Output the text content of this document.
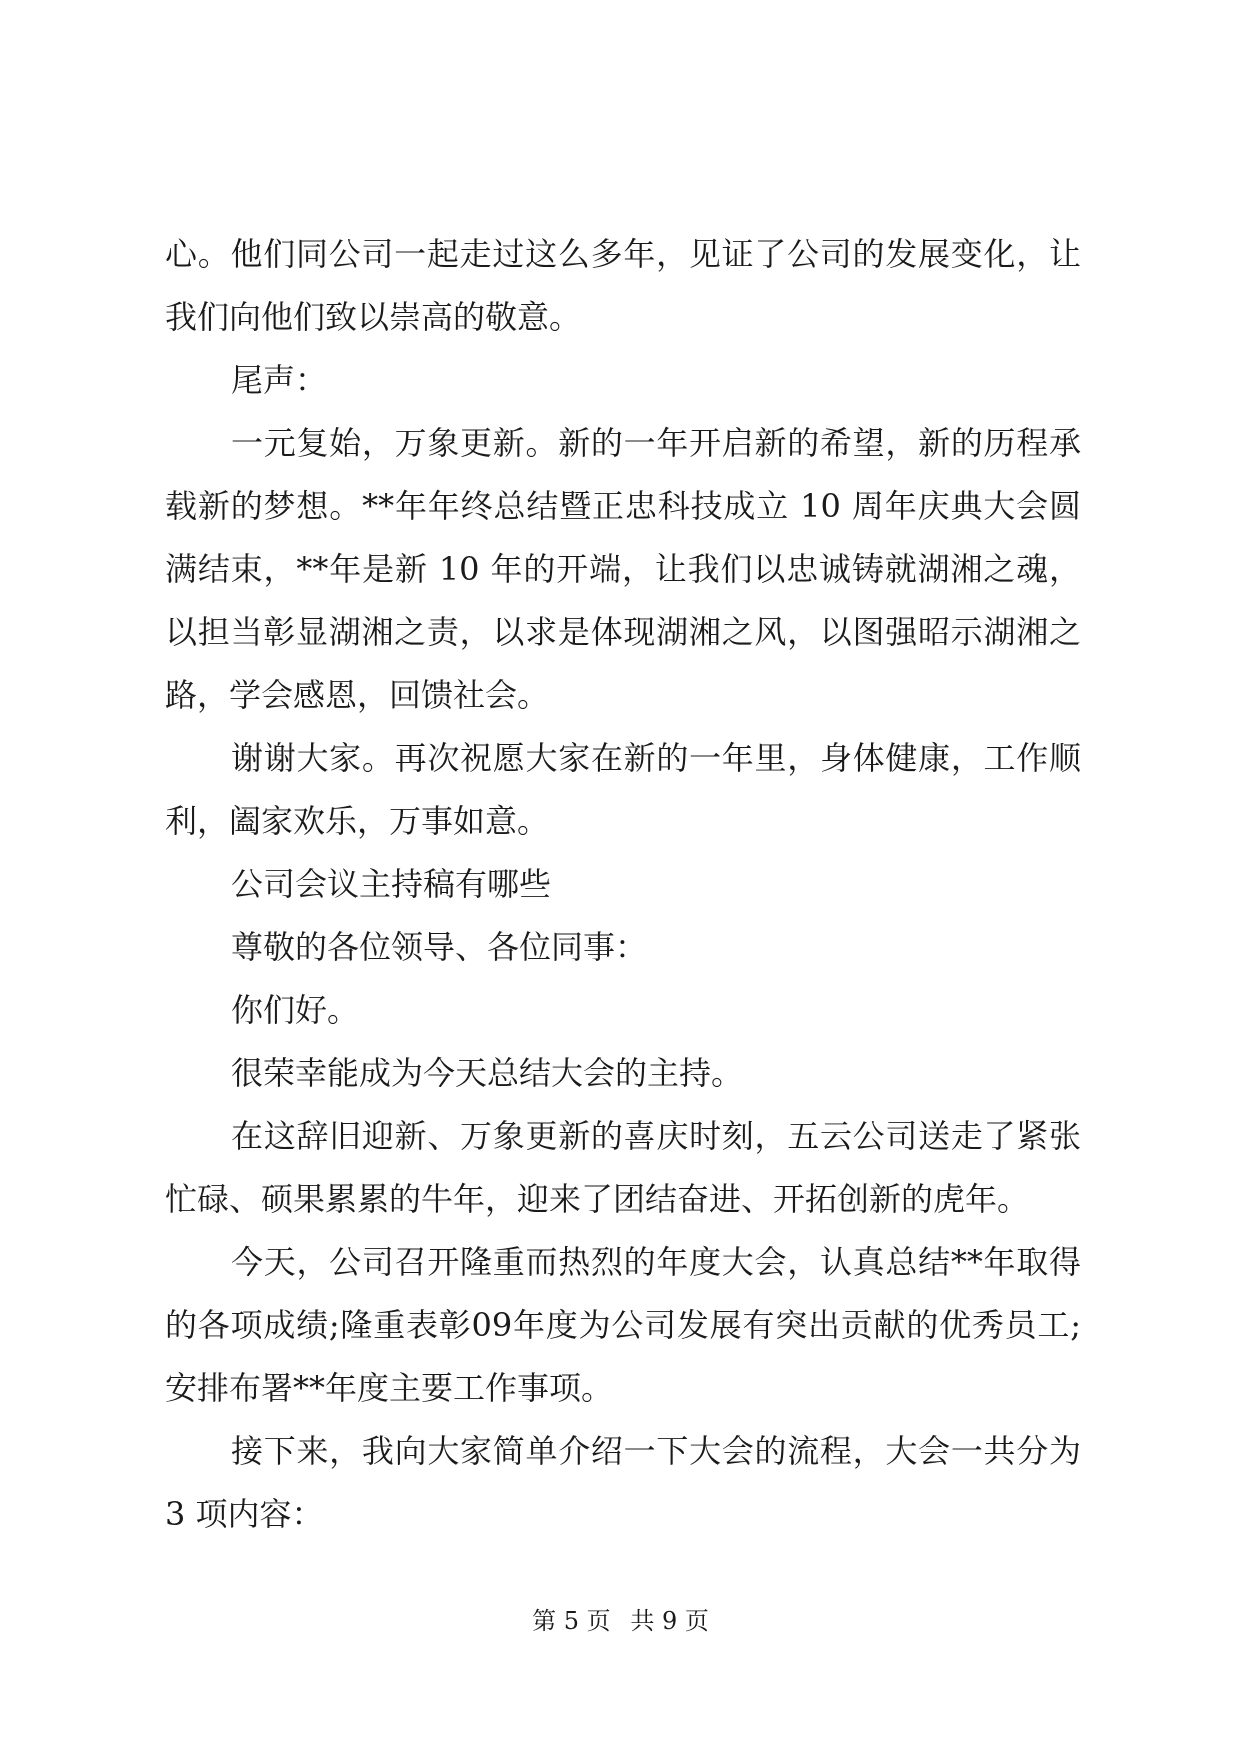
心。他们同公司一起走过这么多年，见证了公司的发展变化，让
我们向他们致以崇高的敬意。
尾声：
一元复始，万象更新。新的一年开启新的希望，新的历程承
载新的梦想。**年年终总结暨正忠科技成立 10 周年庆典大会圆
满结束，**年是新 10 年的开端，让我们以忠诚铸就湖湘之魂，
以担当彰显湖湘之责，以求是体现湖湘之风，以图强昭示湖湘之
路，学会感恩，回馈社会。
谢谢大家。再次祝愿大家在新的一年里，身体健康，工作顺
利，阖家欢乐，万事如意。
公司会议主持稿有哪些
尊敬的各位领导、各位同事：
你们好。
很荣幸能成为今天总结大会的主持。
在这辞旧迎新、万象更新的喜庆时刻，五云公司送走了紧张
忙碌、硕果累累的牛年，迎来了团结奋进、开拓创新的虎年。
今天，公司召开隆重而热烈的年度大会，认真总结**年取得
的各项成绩;隆重表彰09年度为公司发展有突出贡献的优秀员工;
安排布署**年度主要工作事项。
接下来，我向大家简单介绍一下大会的流程，大会一共分为
3 项内容：
第 5 页 共 9 页
